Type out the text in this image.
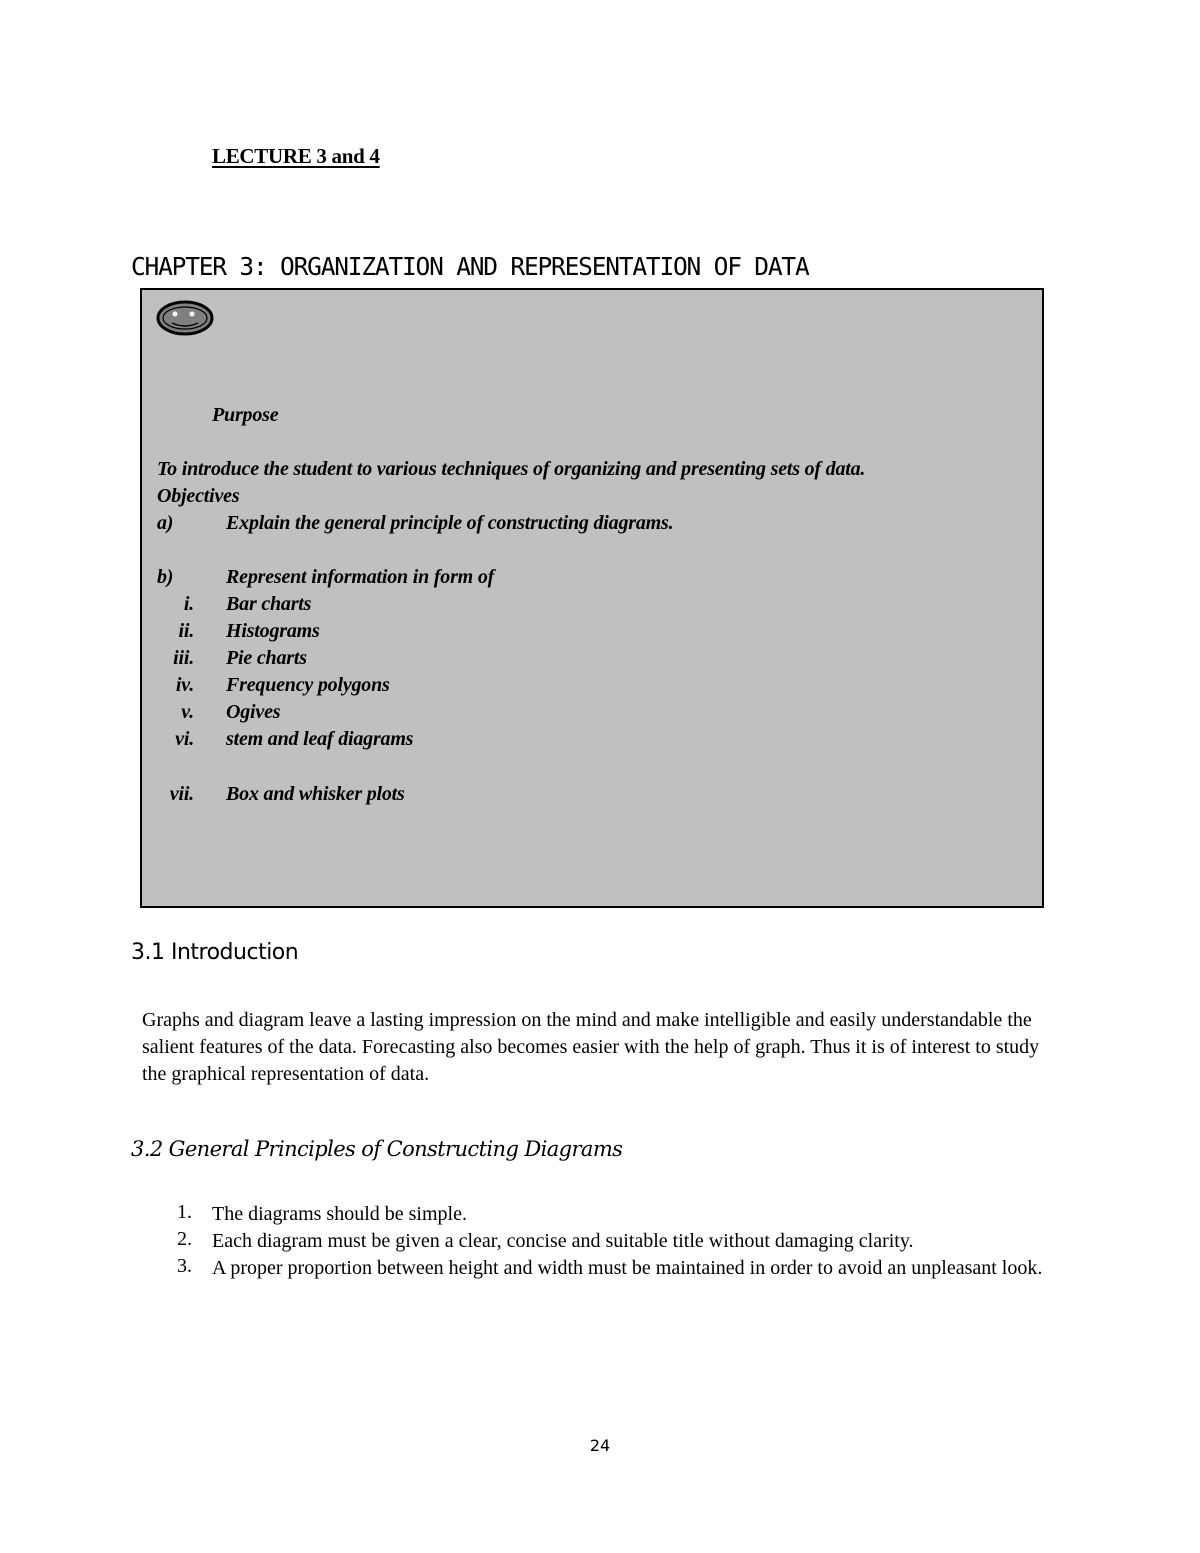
LECTURE 3 and 4
CHAPTER 3: ORGANIZATION AND REPRESENTATION OF DATA
Purpose
To introduce the student to various techniques of organizing and presenting sets of data.
Objectives
a)	Explain the general principle of constructing diagrams.
b)	Represent information in form of
i. Bar charts
ii. Histograms
iii. Pie charts
iv. Frequency polygons
v. Ogives
vi. stem and leaf diagrams
vii. Box and whisker plots
3.1 Introduction
Graphs and diagram leave a lasting impression on the mind and make intelligible and easily understandable the salient features of the data. Forecasting also becomes easier with the help of graph. Thus it is of interest to study the graphical representation of data.
3.2 General Principles of Constructing Diagrams
1. The diagrams should be simple.
2. Each diagram must be given a clear, concise and suitable title without damaging clarity.
3. A proper proportion between height and width must be maintained in order to avoid an unpleasant look.
24
